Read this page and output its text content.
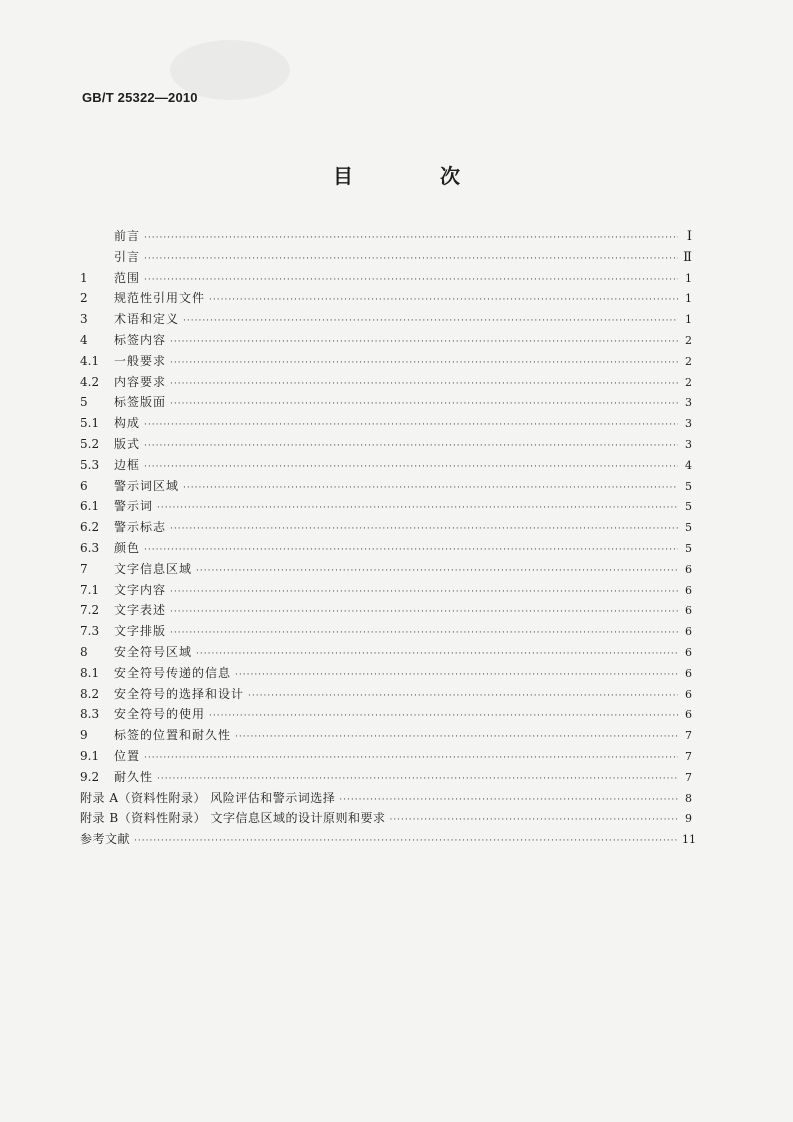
GB/T 25322—2010
目 次
前言 ·····	Ⅰ
引言 ·····	Ⅱ
1	范围 ·····	1
2	规范性引用文件 ·····	1
3	术语和定义 ·····	1
4	标签内容 ·····	2
4.1	一般要求 ·····	2
4.2	内容要求 ·····	2
5	标签版面 ·····	3
5.1	构成 ·····	3
5.2	版式 ·····	3
5.3	边框 ·····	4
6	警示词区域 ·····	5
6.1	警示词 ·····	5
6.2	警示标志 ·····	5
6.3	颜色 ·····	5
7	文字信息区域 ·····	6
7.1	文字内容 ·····	6
7.2	文字表述 ·····	6
7.3	文字排版 ·····	6
8	安全符号区域 ·····	6
8.1	安全符号传递的信息 ·····	6
8.2	安全符号的选择和设计 ·····	6
8.3	安全符号的使用 ·····	6
9	标签的位置和耐久性 ·····	7
9.1	位置 ·····	7
9.2	耐久性 ·····	7
附录 A（资料性附录） 风险评估和警示词选择 ·····	8
附录 B（资料性附录） 文字信息区域的设计原则和要求 ·····	9
参考文献 ·····	11
